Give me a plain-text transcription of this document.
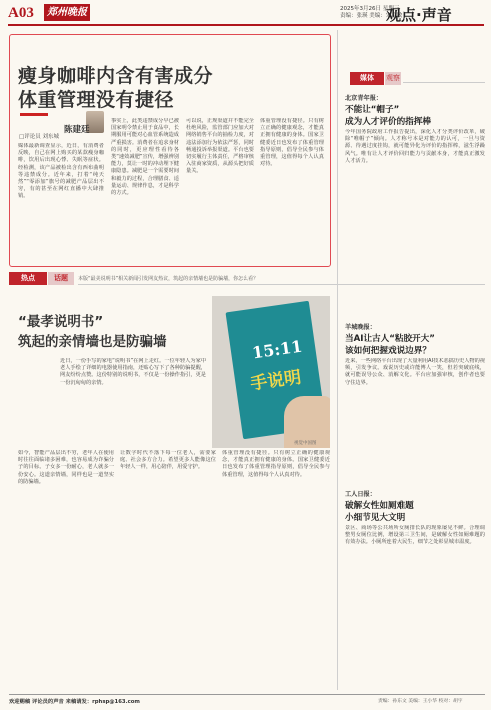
A03	郑州晚报	2025年3月26日 星期三
责编：张瑛 美编：宋会敏
观点·声音
瘦身咖啡内含有害成分
体重管理没有捷径
陈建廷
□评论员 刘东城
媒体最新调查显示，近日，有消费者反映，自己在网上购买的某款瘦身咖啡，饮用后出现心悸、失眠等症状。经检测，该产品被检出含有西布曲明等违禁成分。近年来，打着“纯天然”“零添加”旗号的减肥产品层出不穷，有的甚至在网红直播中大肆推销。
事实上，此类违禁成分早已被国家明令禁止用于食品中，长期服用可能对心血管系统造成严重损害。消费者在追求身材的同时，更应理性看待各类“速效减肥”宣传，增强辨别能力，莫让一时的冲动埋下健康隐患。减肥是一个需要时间和毅力的过程，合理膳食、适量运动、规律作息，才是科学的方式。
可以说，正规渠道并不能完全杜绝风险，监管部门应加大对网络销售平台的抽检力度，对违法添加行为依法严惩，同时畅通投诉举报渠道。平台也要切实履行主体责任，严格审核入驻商家资质，从源头把好质量关。
体重管理没有捷径。只有树立正确的健康观念，才能真正拥有健康的身体。国家卫健委近日也发布了体重管理指导原则，倡导全民参与体重管理，这值得每个人认真对待。
热点	话题	本版“最美说明书”相关新闻引发网友热议，筑起的亲情墙也是防骗墙，你怎么看？
“最孝说明书”
筑起的亲情墙也是防骗墙	15:11
手说明
视觉中国图
近日，一份手写的家电“说明书”在网上走红。一位年轻人为家中老人手绘了详细的电器使用指南，还贴心写下了各种防骗提醒，网友纷纷点赞。这份特别的说明书，不仅是一份操作指引，更是一份沉甸甸的亲情。
如今，智能产品层出不穷，老年人在使用时往往面临诸多困难，也容易成为诈骗分子的目标。子女多一份耐心，老人就多一份安心。这道亲情墙，同样也是一道坚实的防骗墙。
让数字时代不落下每一位老人，需要家庭、社会多方合力。希望更多人能像这位年轻人一样，用心陪伴，用爱守护。
体重管理没有捷径。只有树立正确的健康观念，才能真正拥有健康的身体。国家卫健委近日也发布了体重管理指导原则，倡导全民参与体重管理，这值得每个人认真对待。
媒体	观察
北京青年报：
不能让“帽子”
成为人才评价的指挥棒
今年国务院政府工作报告提出，深化人才分类评价改革，破除“唯帽子”倾向。人才称号本是对能力的认可，一旦与资源、待遇过度挂钩，就可能异化为评价的指挥棒，滋生浮躁风气。唯有让人才评价回归能力与贡献本身，才能真正激发人才活力。
羊城晚报：
当AI让古人“粘胶开大”
该如何把握戏说边界？
近来，一些网络平台出现了大量利用AI技术恶搞历史人物的视频，引发争议。戏说历史或许能博人一笑，但若突破底线，就可能误导公众、消解文化。平台应加强审核，创作者也要守住边界。
工人日报：
破解女性如厕难题
小细节见大文明
景区、商场等公共场所女厕排长队的现象屡见不鲜。合理调整男女厕位比例，增设第三卫生间，是破解女性如厕难题的有效办法。小厕所连着大民生，细节之处彰显城市温度。
欢迎赐稿 评论员的声音 来稿请发：rphsp@163.com	责编：孙东文 美编：王小华 校对：胡宇
